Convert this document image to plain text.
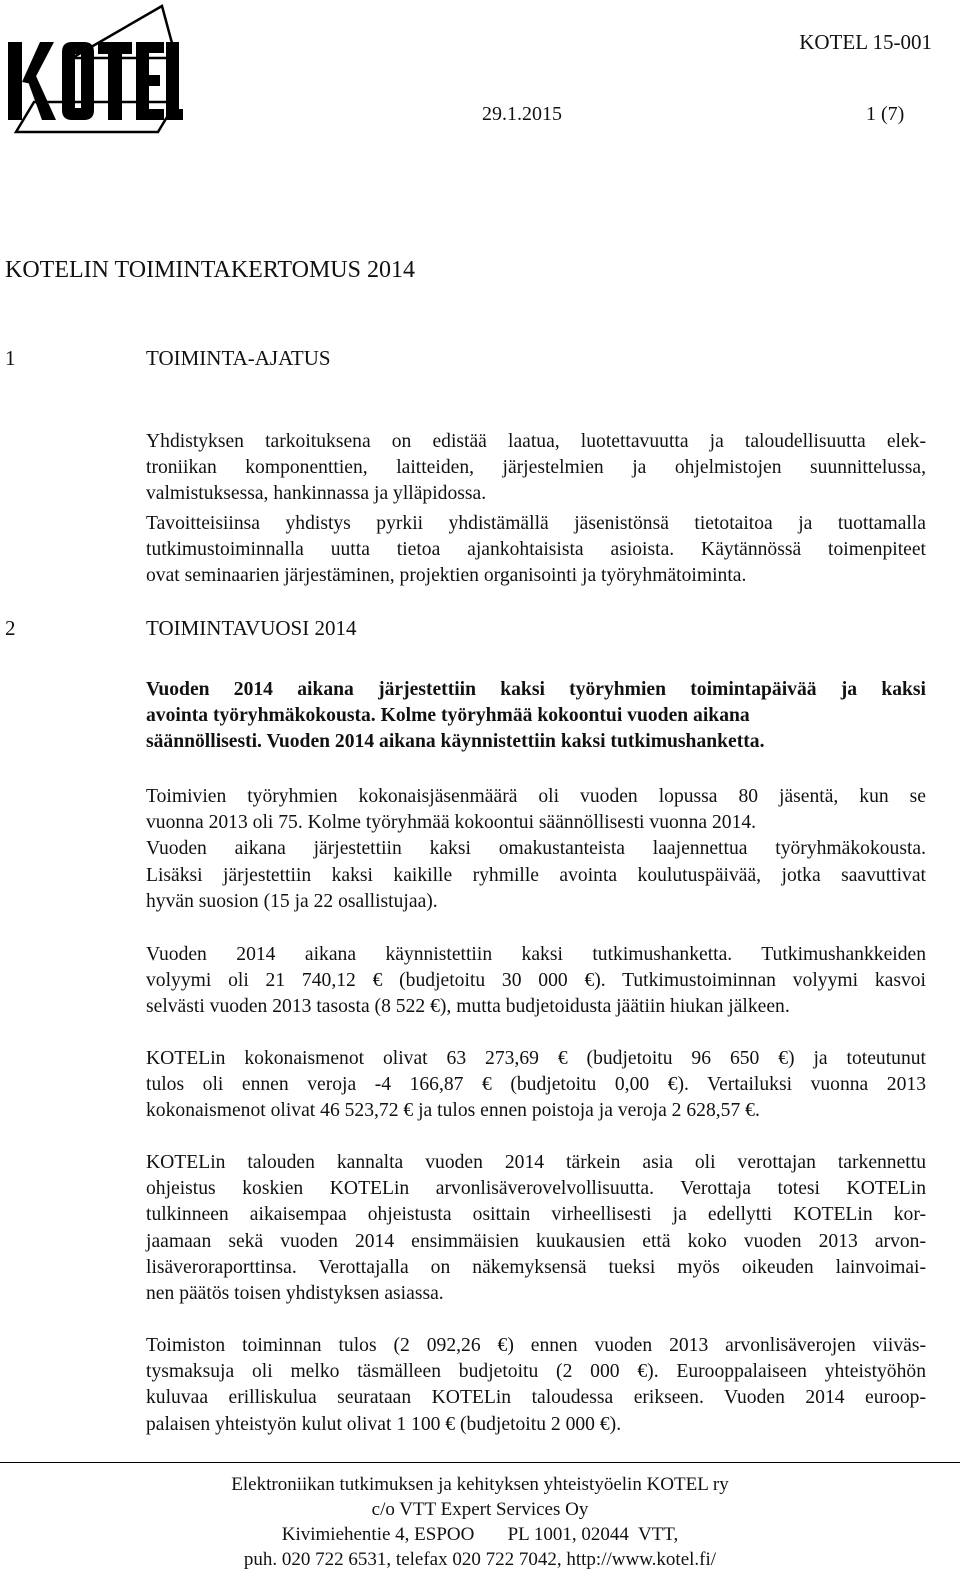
KOTEL 15-001
29.1.2015	1 (7)
KOTELIN TOIMINTAKERTOMUS 2014
1	TOIMINTA-AJATUS

Yhdistyksen tarkoituksena on edistää laatua, luotettavuutta ja taloudellisuutta elek-
troniikan komponenttien, laitteiden, järjestelmien ja ohjelmistojen suunnittelussa,
valmistuksessa, hankinnassa ja ylläpidossa.

Tavoitteisiinsa yhdistys pyrkii yhdistämällä jäsenistönsä tietotaitoa ja tuottamalla
tutkimustoiminnalla uutta tietoa ajankohtaisista asioista. Käytännössä toimenpiteet
ovat seminaarien järjestäminen, projektien organisointi ja työryhmätoiminta.

2	TOIMINTAVUOSI 2014

Vuoden 2014 aikana järjestettiin kaksi työryhmien toimintapäivää ja kaksi
avointa työryhmäkokousta. Kolme työryhmää kokoontui vuoden aikana
säännöllisesti. Vuoden 2014 aikana käynnistettiin kaksi tutkimushanketta.

Toimivien työryhmien kokonaisjäsenmäärä oli vuoden lopussa 80 jäsentä, kun se
vuonna 2013 oli 75. Kolme työryhmää kokoontui säännöllisesti vuonna 2014.
Vuoden aikana järjestettiin kaksi omakustanteista laajennettua työryhmäkokousta.
Lisäksi järjestettiin kaksi kaikille ryhmille avointa koulutuspäivää, jotka saavuttivat
hyvän suosion (15 ja 22 osallistujaa).

Vuoden 2014 aikana käynnistettiin kaksi tutkimushanketta. Tutkimushankkeiden
volyymi oli 21 740,12 € (budjetoitu 30 000 €). Tutkimustoiminnan volyymi kasvoi
selvästi vuoden 2013 tasosta (8 522 €), mutta budjetoidusta jäätiin hiukan jälkeen.

KOTELin kokonaismenot olivat 63 273,69 € (budjetoitu 96 650 €) ja toteutunut
tulos oli ennen veroja -4 166,87 € (budjetoitu 0,00 €). Vertailuksi vuonna 2013
kokonaismenot olivat 46 523,72 € ja tulos ennen poistoja ja veroja 2 628,57 €.

KOTELin talouden kannalta vuoden 2014 tärkein asia oli verottajan tarkennettu
ohjeistus koskien KOTELin arvonlisäverovelvollisuutta. Verottaja totesi KOTELin
tulkinneen aikaisempaa ohjeistusta osittain virheellisesti ja edellytti KOTELin kor-
jaamaan sekä vuoden 2014 ensimmäisien kuukausien että koko vuoden 2013 arvon-
lisäveroraporttinsa. Verottajalla on näkemyksensä tueksi myös oikeuden lainvoimai-
nen päätös toisen yhdistyksen asiassa.

Toimiston toiminnan tulos (2 092,26 €) ennen vuoden 2013 arvonlisäverojen viiväs-
tysmaksuja oli melko täsmälleen budjetoitu (2 000 €). Eurooppalaiseen yhteistyöhön
kuluvaa erilliskulua seurataan KOTELin taloudessa erikseen. Vuoden 2014 euroop-
palaisen yhteistyön kulut olivat 1 100 € (budjetoitu 2 000 €).

Elektroniikan tutkimuksen ja kehityksen yhteistyöelin KOTEL ry
c/o VTT Expert Services Oy
Kivimiehentie 4, ESPOO       PL 1001, 02044  VTT,
puh. 020 722 6531, telefax 020 722 7042, http://www.kotel.fi/
